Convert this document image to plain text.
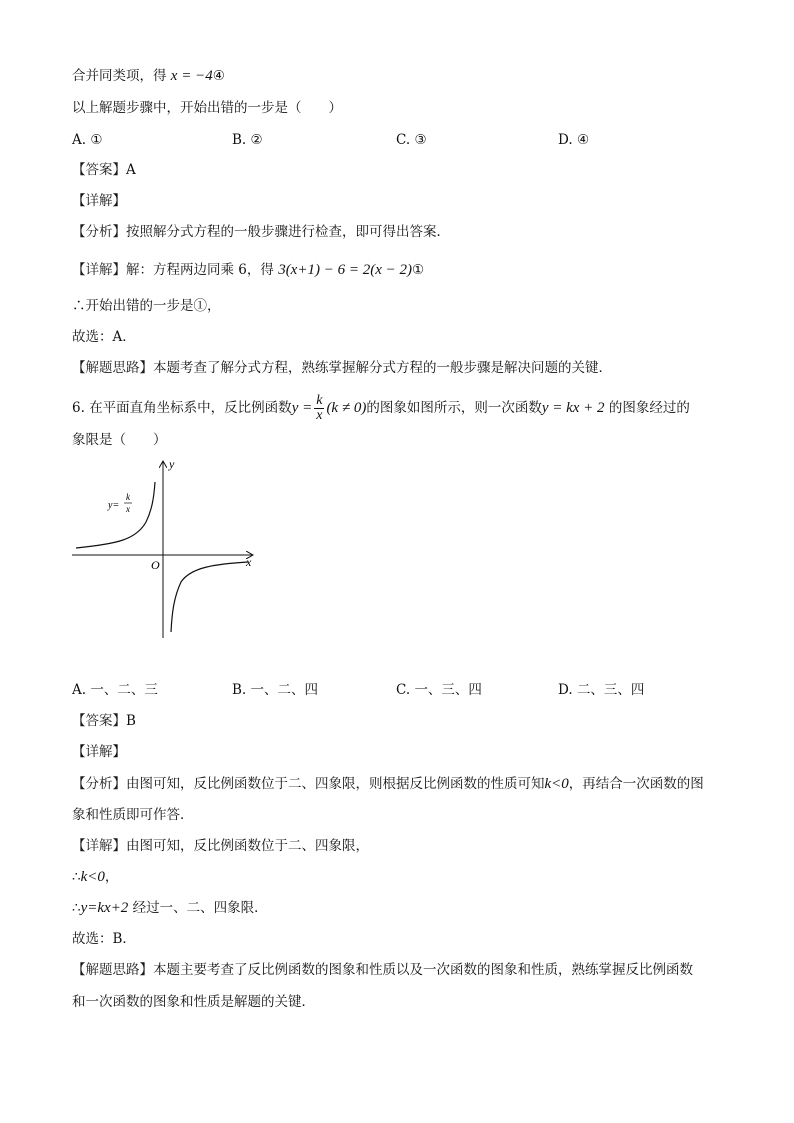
合并同类项，得 x = −4④
以上解题步骤中，开始出错的一步是（　　）
A. ①	B. ②	C. ③	D. ④
【答案】A
【详解】
【分析】按照解分式方程的一般步骤进行检查，即可得出答案．
【详解】解：方程两边同乘 6，得 3(x+1) − 6 = 2(x − 2)①
∴开始出错的一步是①，
故选：A．
【解题思路】本题考查了解分式方程，熟练掌握解分式方程的一般步骤是解决问题的关键．
6. 在平面直角坐标系中，反比例函数$y = \frac{k}{x} (k \ne 0)$的图象如图所示，则一次函数y = kx + 2 的图象经过的
象限是（　　）
y
x
O
y=
k
x
A. 一、二、三	B. 一、二、四	C. 一、三、四	D. 二、三、四
【答案】B
【详解】
【分析】由图可知，反比例函数位于二、四象限，则根据反比例函数的性质可知k<0，再结合一次函数的图
象和性质即可作答．
【详解】由图可知，反比例函数位于二、四象限，
∴k<0，
∴y=kx+2 经过一、二、四象限．
故选：B．
【解题思路】本题主要考查了反比例函数的图象和性质以及一次函数的图象和性质，熟练掌握反比例函数
和一次函数的图象和性质是解题的关键．
